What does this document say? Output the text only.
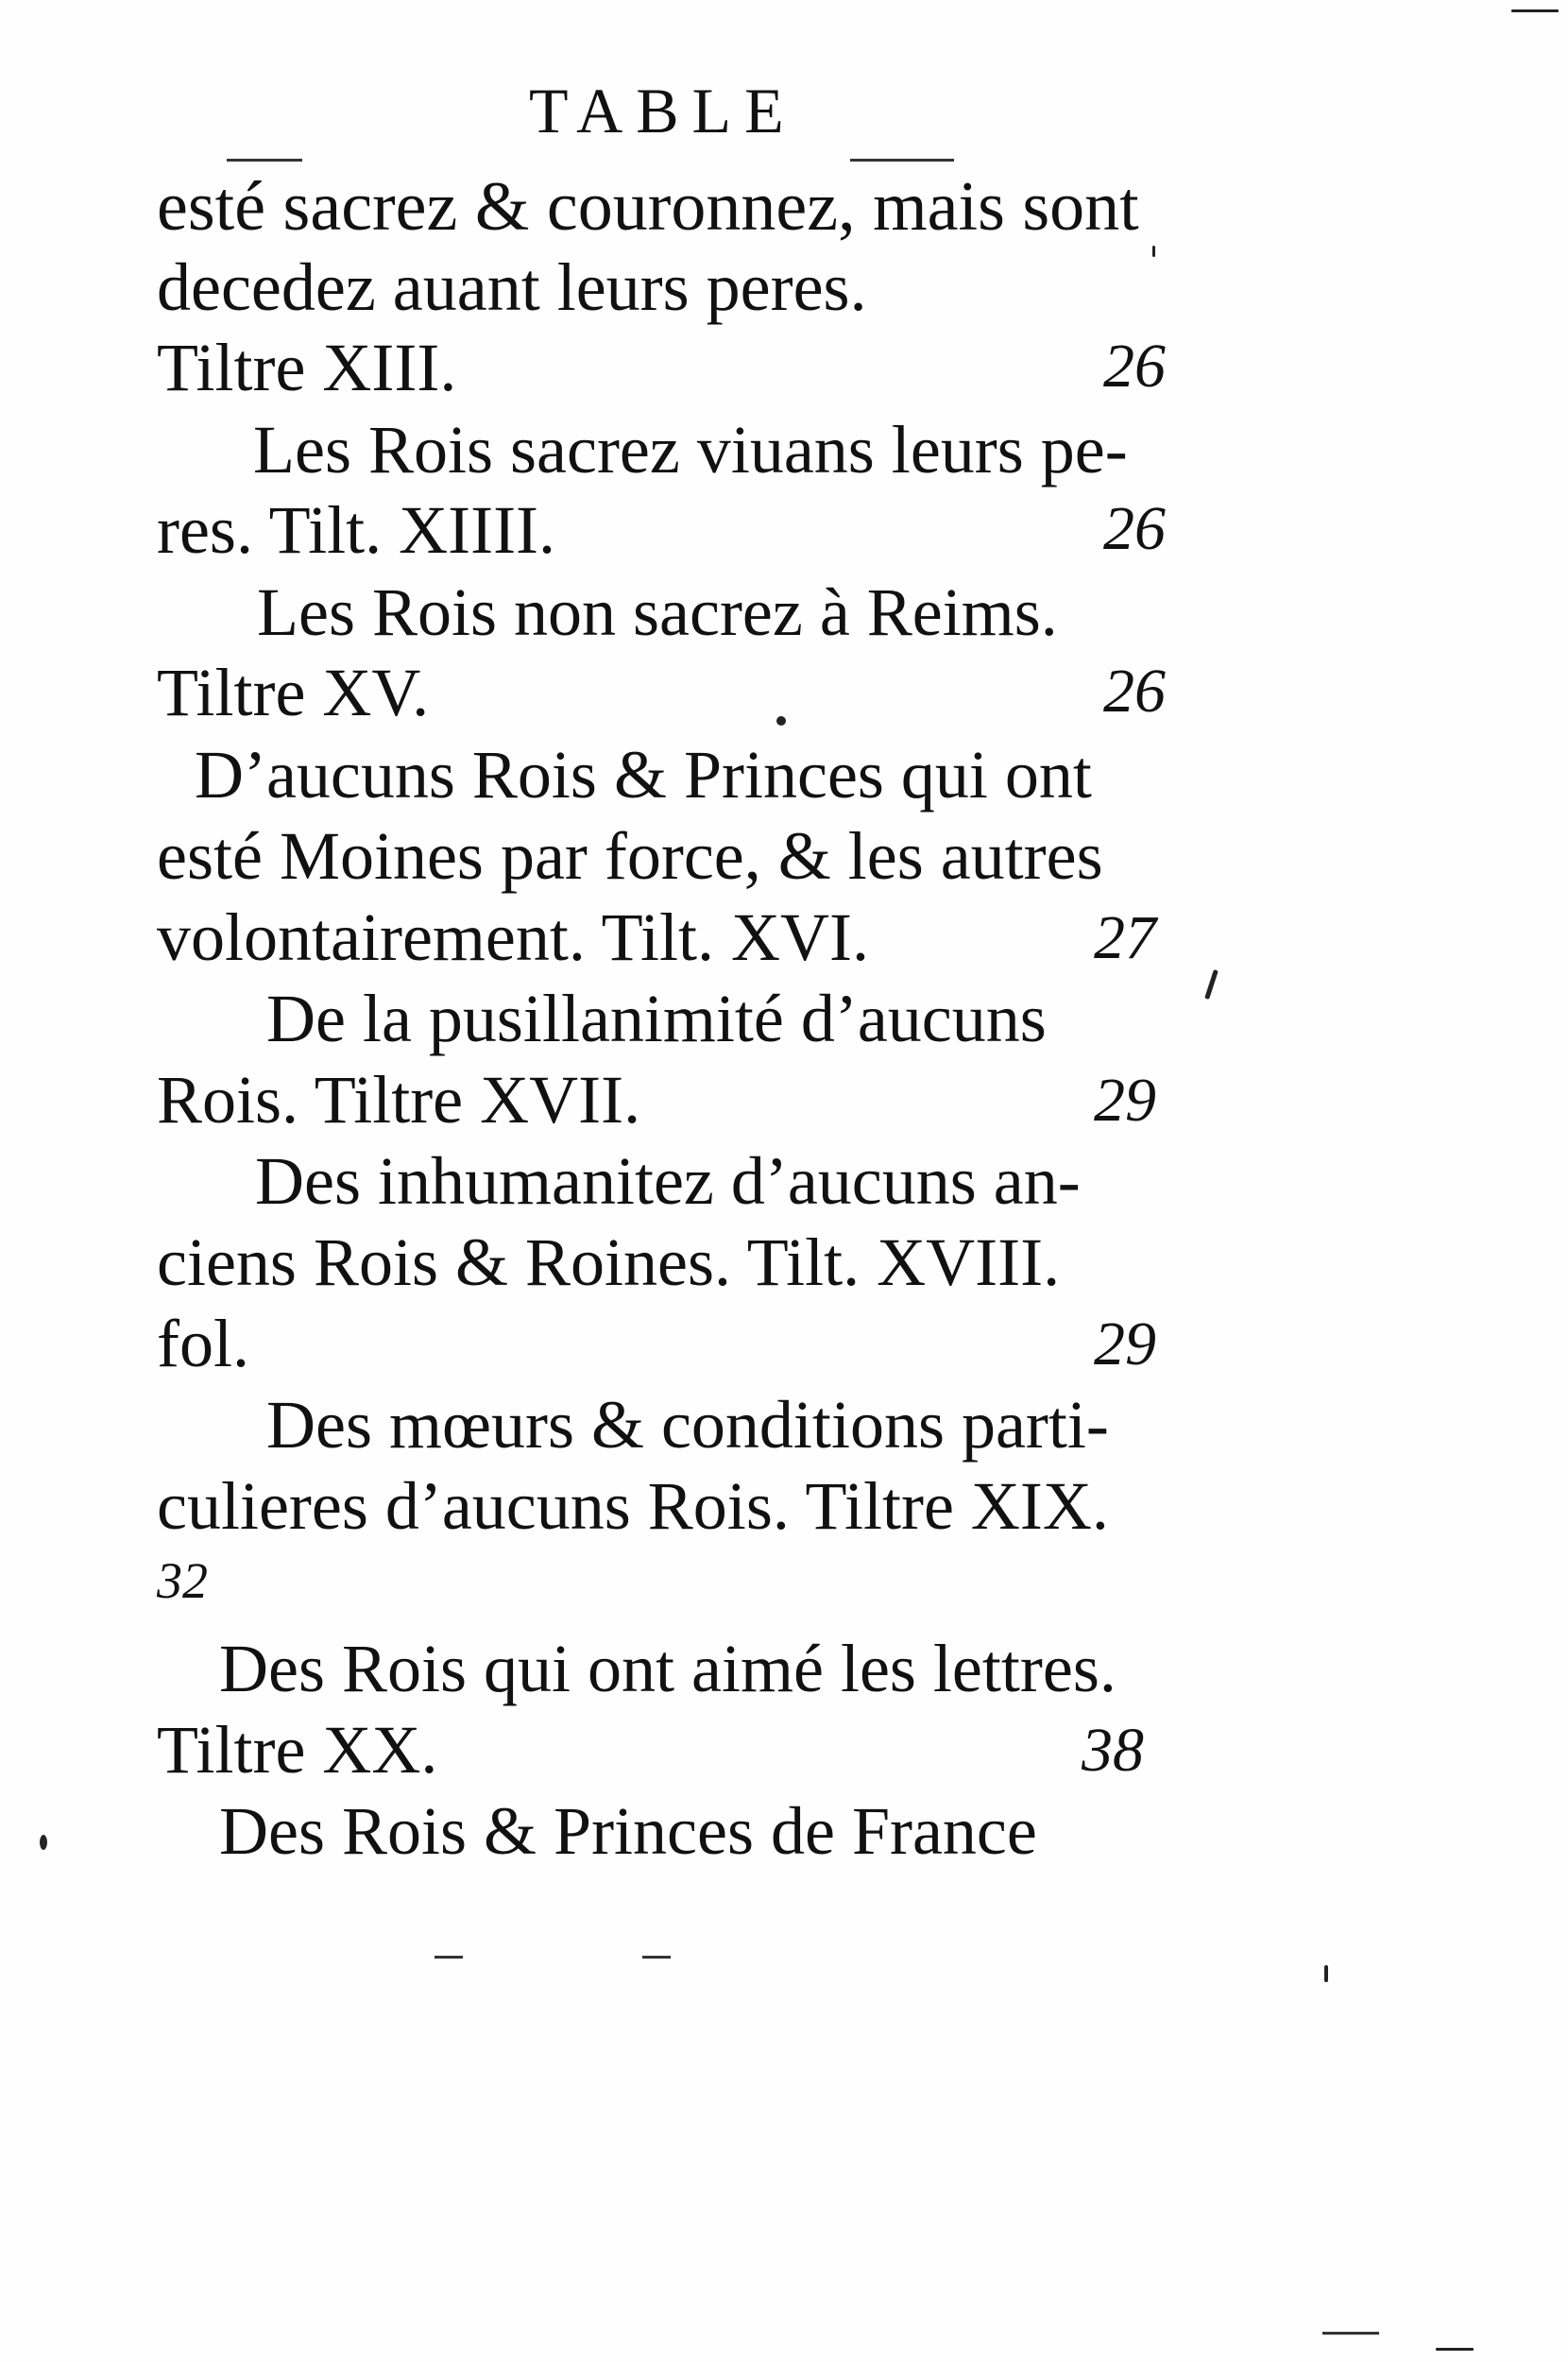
TABLE
esté sacrez & couronnez, mais sont
decedez auant leurs peres.
Tiltre XIII.	26
Les Rois sacrez viuans leurs pe-
res. Tilt. XIIII.	26
Les Rois non sacrez à Reims.
Tiltre XV.	26
D’aucuns Rois & Princes qui ont
esté Moines par force, & les autres
volontairement. Tilt. XVI.	27
De la pusillanimité d’aucuns
Rois. Tiltre XVII.	29
Des inhumanitez d’aucuns an-
ciens Rois & Roines. Tilt. XVIII.
fol.	29
Des mœurs & conditions parti-
culieres d’aucuns Rois. Tiltre XIX.
32
Des Rois qui ont aimé les lettres.
Tiltre XX.	38
Des Rois & Princes de France
